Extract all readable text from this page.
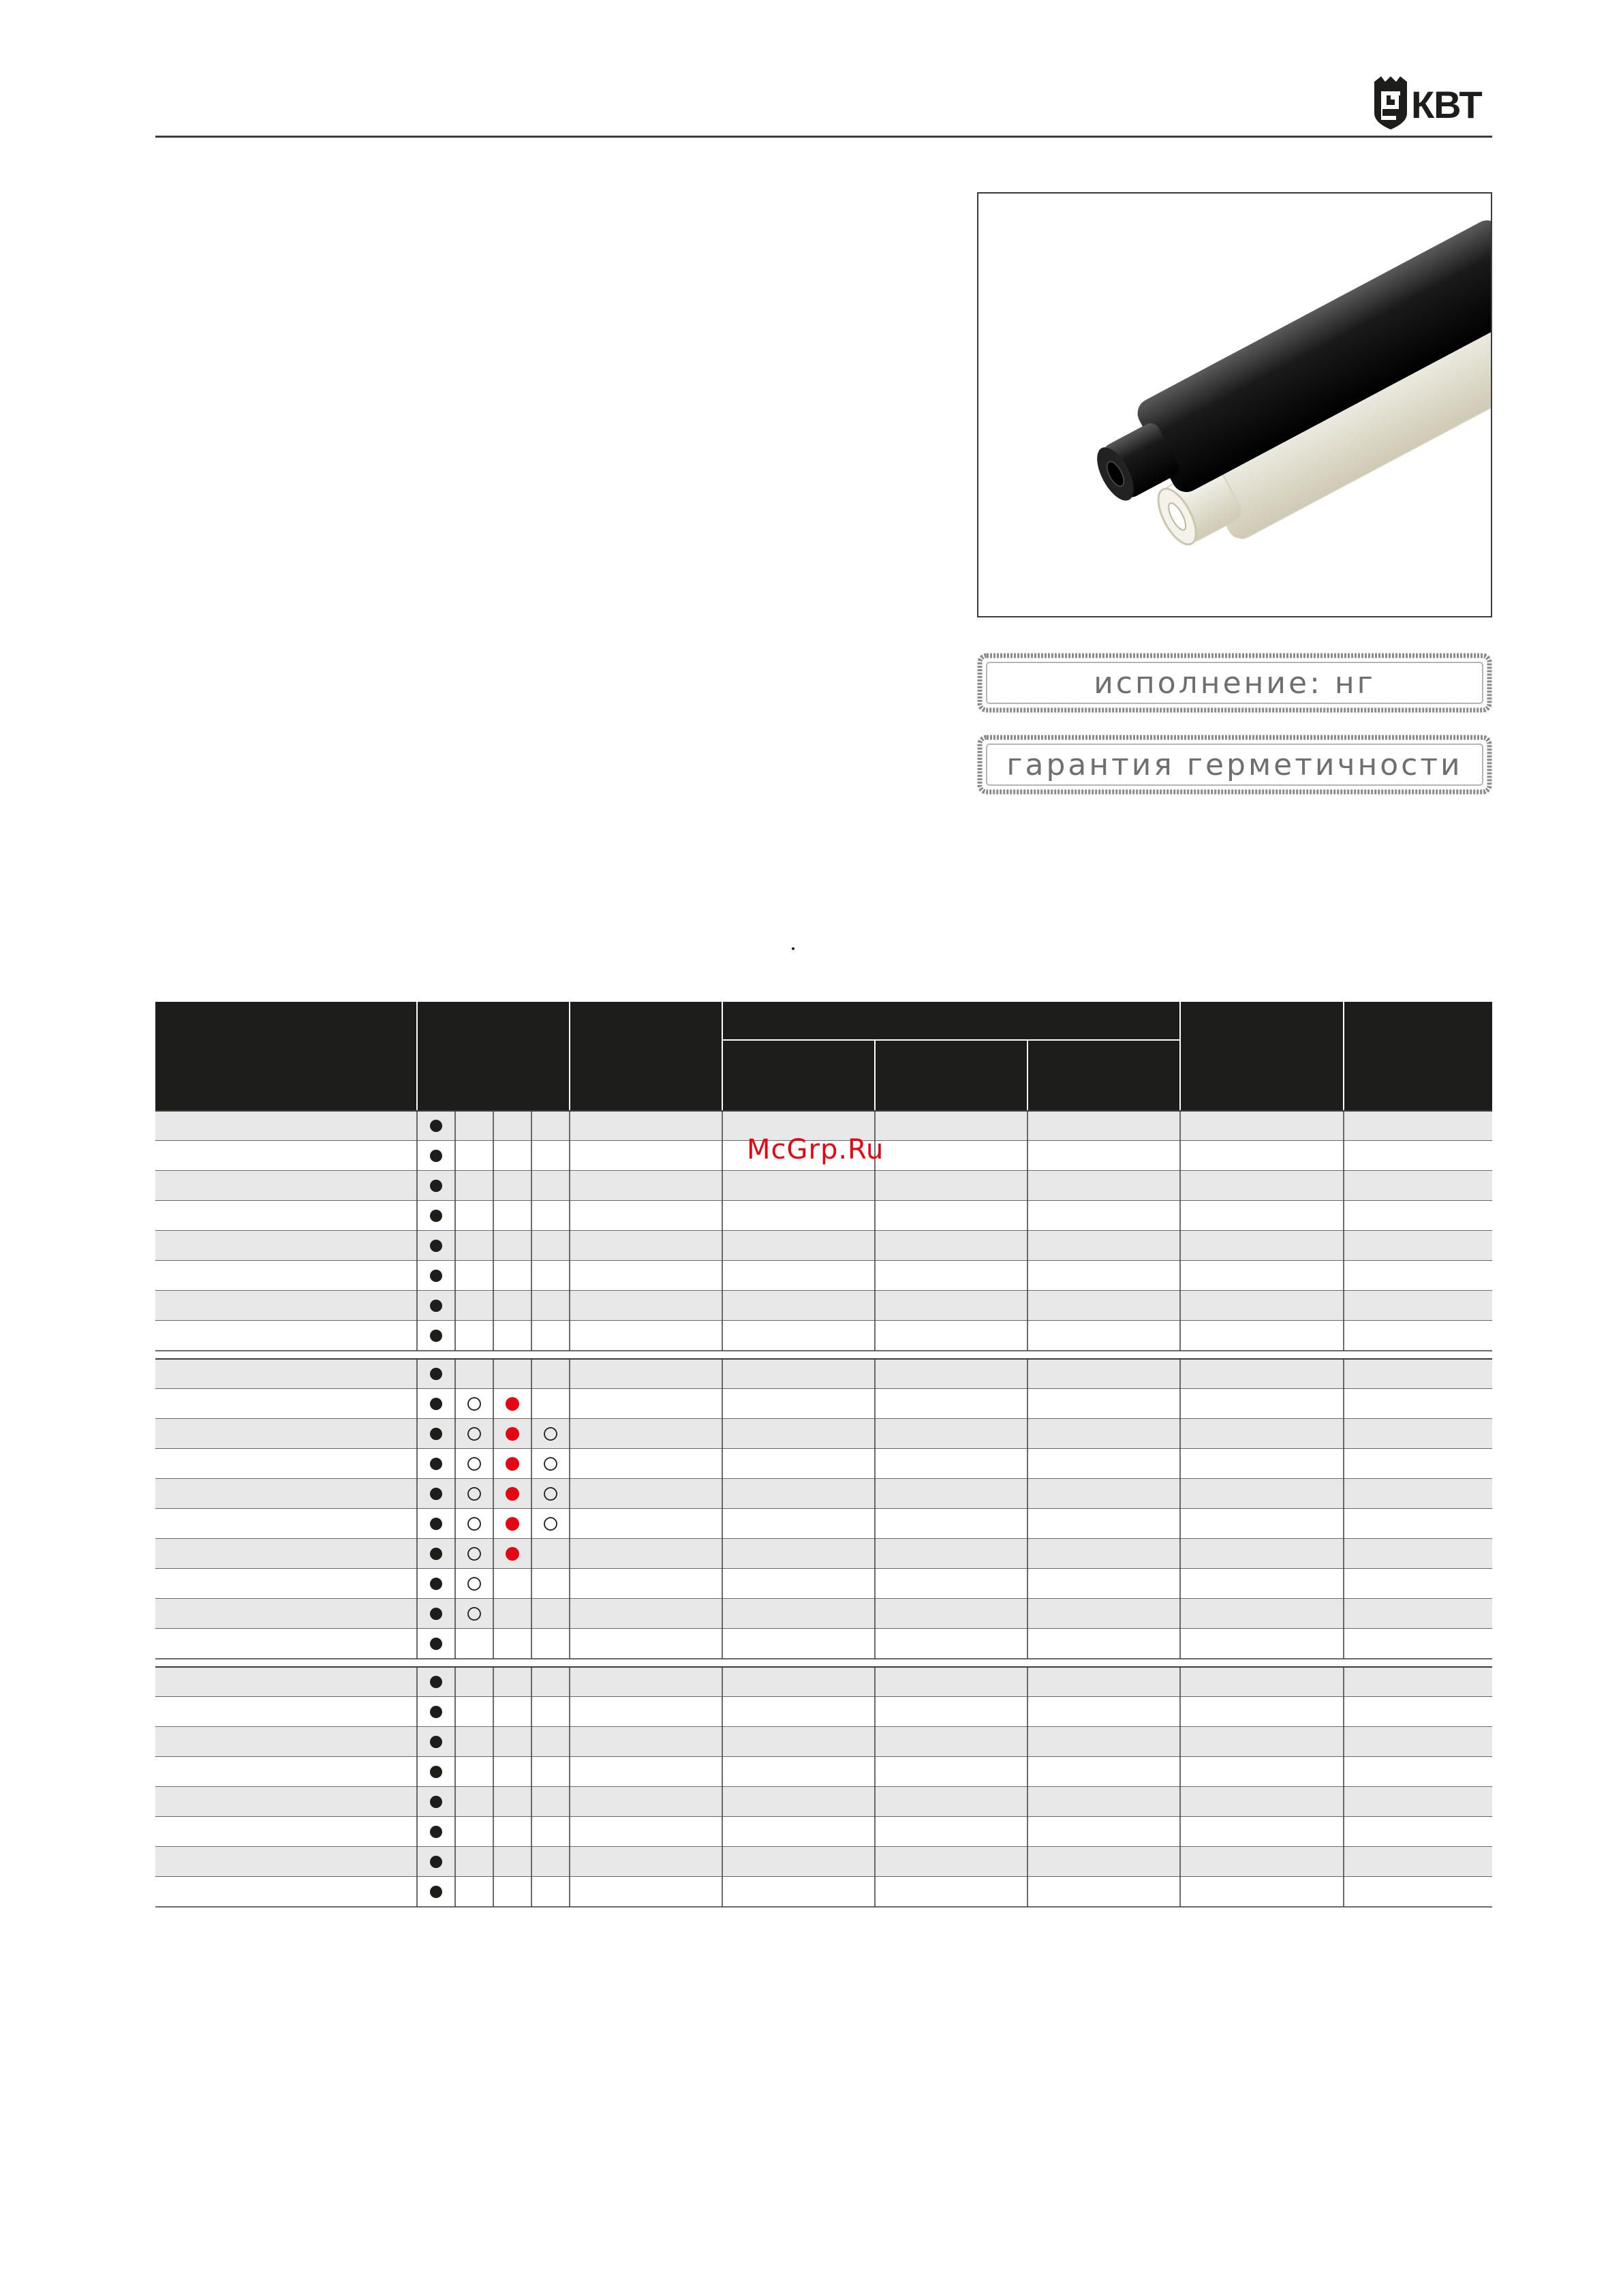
КВТ
исполнение: нг
гарантия герметичности
McGrp.Ru
